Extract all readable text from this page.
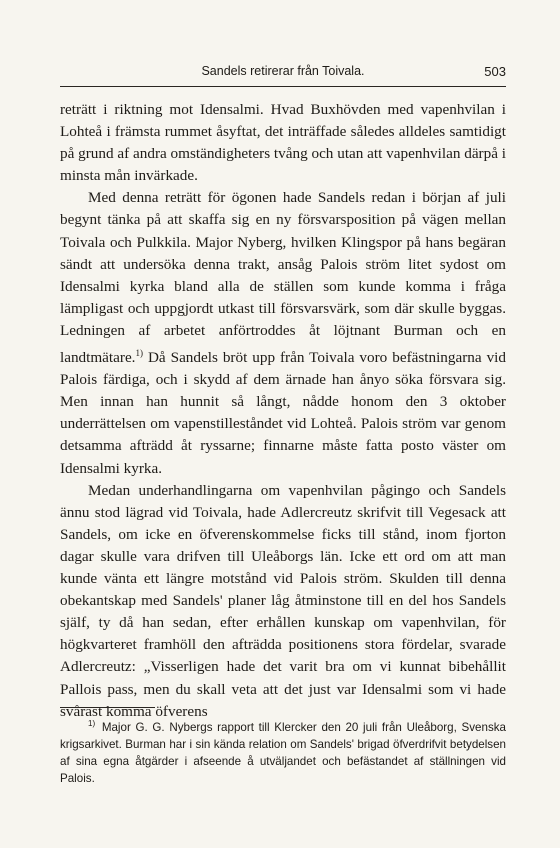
Sandels retirerar från Toivala.	503

reträtt i riktning mot Idensalmi. Hvad Buxhövden med vapenhvilan i Lohteå i främsta rummet åsyftat, det inträffade således alldeles samtidigt på grund af andra omständigheters tvång och utan att vapenhvilan därpå i minsta mån invärkade.

Med denna reträtt för ögonen hade Sandels redan i början af juli begynt tänka på att skaffa sig en ny försvarsposition på vägen mellan Toivala och Pulkkila. Major Nyberg, hvilken Klingspor på hans begäran sändt att undersöka denna trakt, ansåg Palois ström litet sydost om Idensalmi kyrka bland alla de ställen som kunde komma i fråga lämpligast och uppgjordt utkast till försvarsvärk, som där skulle byggas. Ledningen af arbetet anförtroddes åt löjtnant Burman och en landtmätare.$^{1)}$ Då Sandels bröt upp från Toivala voro befästningarna vid Palois färdiga, och i skydd af dem ärnade han ånyo söka försvara sig. Men innan han hunnit så långt, nådde honom den 3 oktober underrättelsen om vapenstilleståndet vid Lohteå. Palois ström var genom detsamma afträdd åt ryssarne; finnarne måste fatta posto väster om Idensalmi kyrka.

Medan underhandlingarna om vapenhvilan pågingo och Sandels ännu stod lägrad vid Toivala, hade Adlercreutz skrifvit till Vegesack att Sandels, om icke en öfverenskommelse ficks till stånd, inom fjorton dagar skulle vara drifven till Uleåborgs län. Icke ett ord om att man kunde vänta ett längre motstånd vid Palois ström. Skulden till denna obekantskap med Sandels' planer låg åtminstone till en del hos Sandels själf, ty då han sedan, efter erhållen kunskap om vapenhvilan, för högkvarteret framhöll den afträdda positionens stora fördelar, svarade Adlercreutz: „Visserligen hade det varit bra om vi kunnat bibehållit Pallois pass, men du skall veta att det just var Idensalmi som vi hade svårast komma öfverens

$^{1)}$ Major G. G. Nybergs rapport till Klercker den 20 juli från Uleåborg, Svenska krigsarkivet. Burman har i sin kända relation om Sandels' brigad öfverdrifvit betydelsen af sina egna åtgärder i afseende å utväljandet och befästandet af ställningen vid Palois.
